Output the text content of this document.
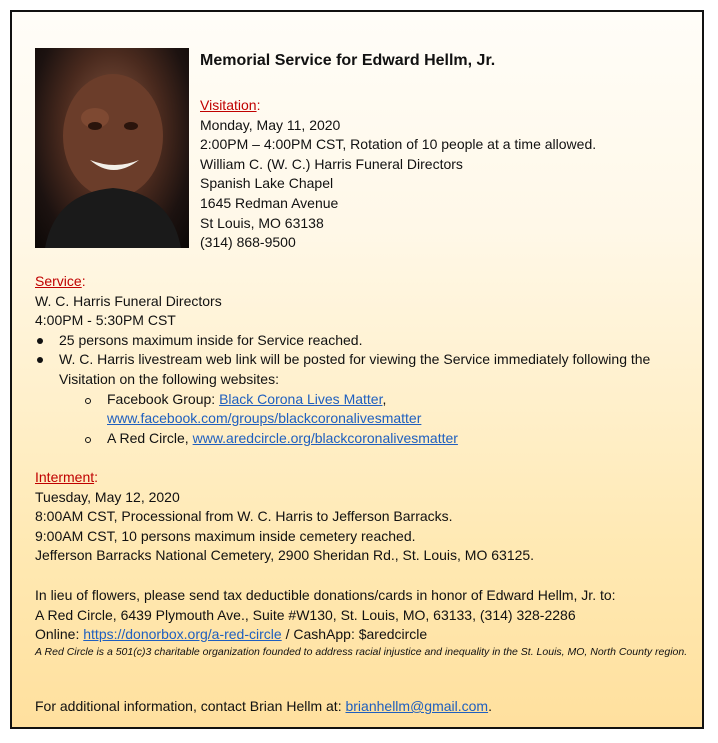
Memorial Service for Edward Hellm, Jr.
Visitation:
Monday, May 11, 2020
2:00PM – 4:00PM CST, Rotation of 10 people at a time allowed.
William C. (W. C.) Harris Funeral Directors
Spanish Lake Chapel
1645 Redman Avenue
St Louis, MO 63138
(314) 868-9500
Service:
W. C. Harris Funeral Directors
4:00PM - 5:30PM CST
25 persons maximum inside for Service reached.
W. C. Harris livestream web link will be posted for viewing the Service immediately following the
Visitation on the following websites:
Facebook Group: Black Corona Lives Matter,
www.facebook.com/groups/blackcoronalivesmatter
A Red Circle, www.aredcircle.org/blackcoronalivesmatter
Interment:
Tuesday, May 12, 2020
8:00AM CST, Processional from W. C. Harris to Jefferson Barracks.
9:00AM CST, 10 persons maximum inside cemetery reached.
Jefferson Barracks National Cemetery, 2900 Sheridan Rd., St. Louis, MO 63125.
In lieu of flowers, please send tax deductible donations/cards in honor of Edward Hellm, Jr. to:
A Red Circle, 6439 Plymouth Ave., Suite #W130, St. Louis, MO, 63133, (314) 328-2286
Online: https://donorbox.org/a-red-circle / CashApp: $aredcircle
A Red Circle is a 501(c)3 charitable organization founded to address racial injustice and inequality in the St. Louis, MO, North County region.
For additional information, contact Brian Hellm at: brianhellm@gmail.com.
